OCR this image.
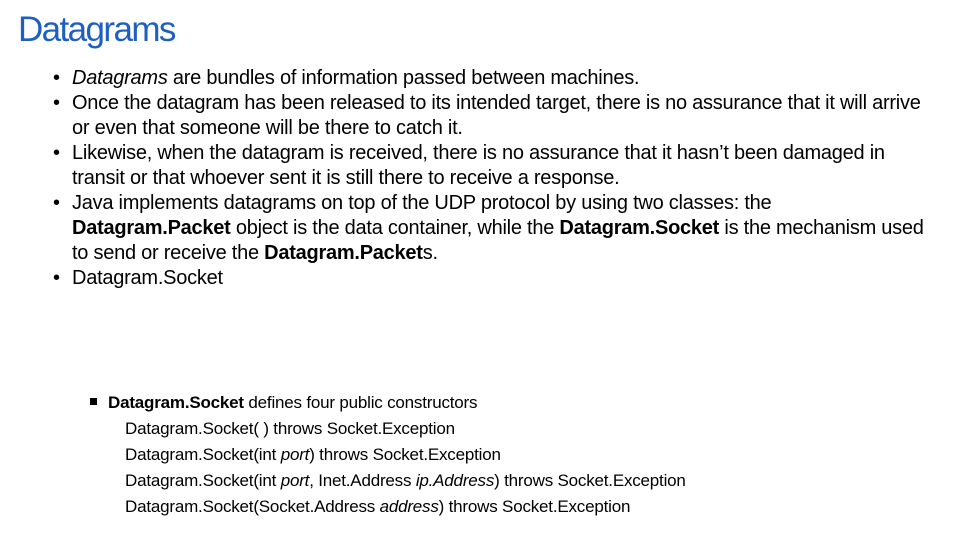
Datagrams
• Datagrams are bundles of information passed between machines.
• Once the datagram has been released to its intended target, there is no assurance that it will arrive or even that someone will be there to catch it.
• Likewise, when the datagram is received, there is no assurance that it hasn’t been damaged in transit or that whoever sent it is still there to receive a response.
• Java implements datagrams on top of the UDP protocol by using two classes: the Datagram.Packet object is the data container, while the Datagram.Socket is the mechanism used to send or receive the Datagram.Packets.
• Datagram.Socket
Datagram.Socket defines four public constructors
Datagram.Socket( ) throws Socket.Exception
Datagram.Socket(int port) throws Socket.Exception
Datagram.Socket(int port, Inet.Address ip.Address) throws Socket.Exception
Datagram.Socket(Socket.Address address) throws Socket.Exception
